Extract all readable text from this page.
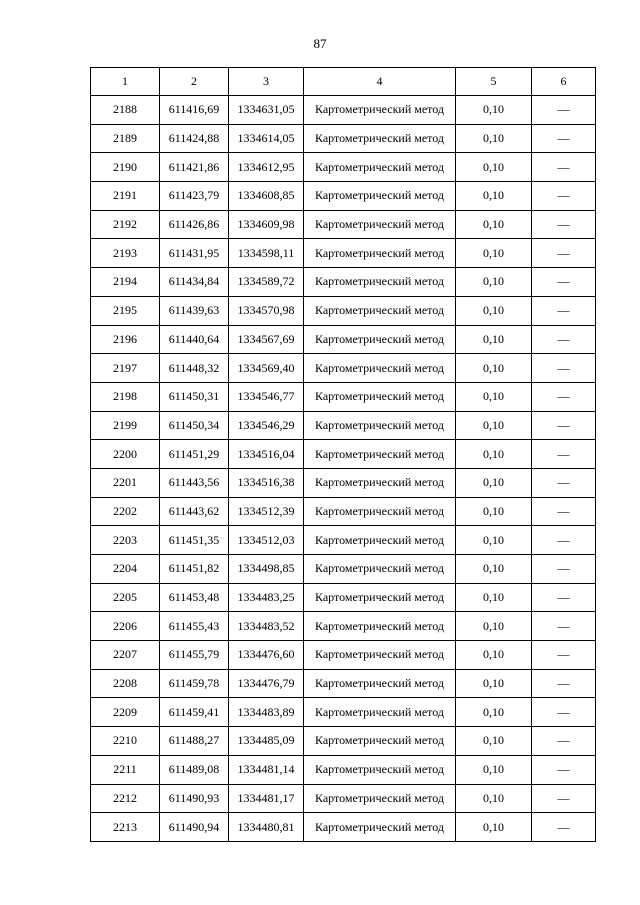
87
1	2	3	4	5	6
2188	611416,69	1334631,05	Картометрический метод	0,10	—
2189	611424,88	1334614,05	Картометрический метод	0,10	—
2190	611421,86	1334612,95	Картометрический метод	0,10	—
2191	611423,79	1334608,85	Картометрический метод	0,10	—
2192	611426,86	1334609,98	Картометрический метод	0,10	—
2193	611431,95	1334598,11	Картометрический метод	0,10	—
2194	611434,84	1334589,72	Картометрический метод	0,10	—
2195	611439,63	1334570,98	Картометрический метод	0,10	—
2196	611440,64	1334567,69	Картометрический метод	0,10	—
2197	611448,32	1334569,40	Картометрический метод	0,10	—
2198	611450,31	1334546,77	Картометрический метод	0,10	—
2199	611450,34	1334546,29	Картометрический метод	0,10	—
2200	611451,29	1334516,04	Картометрический метод	0,10	—
2201	611443,56	1334516,38	Картометрический метод	0,10	—
2202	611443,62	1334512,39	Картометрический метод	0,10	—
2203	611451,35	1334512,03	Картометрический метод	0,10	—
2204	611451,82	1334498,85	Картометрический метод	0,10	—
2205	611453,48	1334483,25	Картометрический метод	0,10	—
2206	611455,43	1334483,52	Картометрический метод	0,10	—
2207	611455,79	1334476,60	Картометрический метод	0,10	—
2208	611459,78	1334476,79	Картометрический метод	0,10	—
2209	611459,41	1334483,89	Картометрический метод	0,10	—
2210	611488,27	1334485,09	Картометрический метод	0,10	—
2211	611489,08	1334481,14	Картометрический метод	0,10	—
2212	611490,93	1334481,17	Картометрический метод	0,10	—
2213	611490,94	1334480,81	Картометрический метод	0,10	—
